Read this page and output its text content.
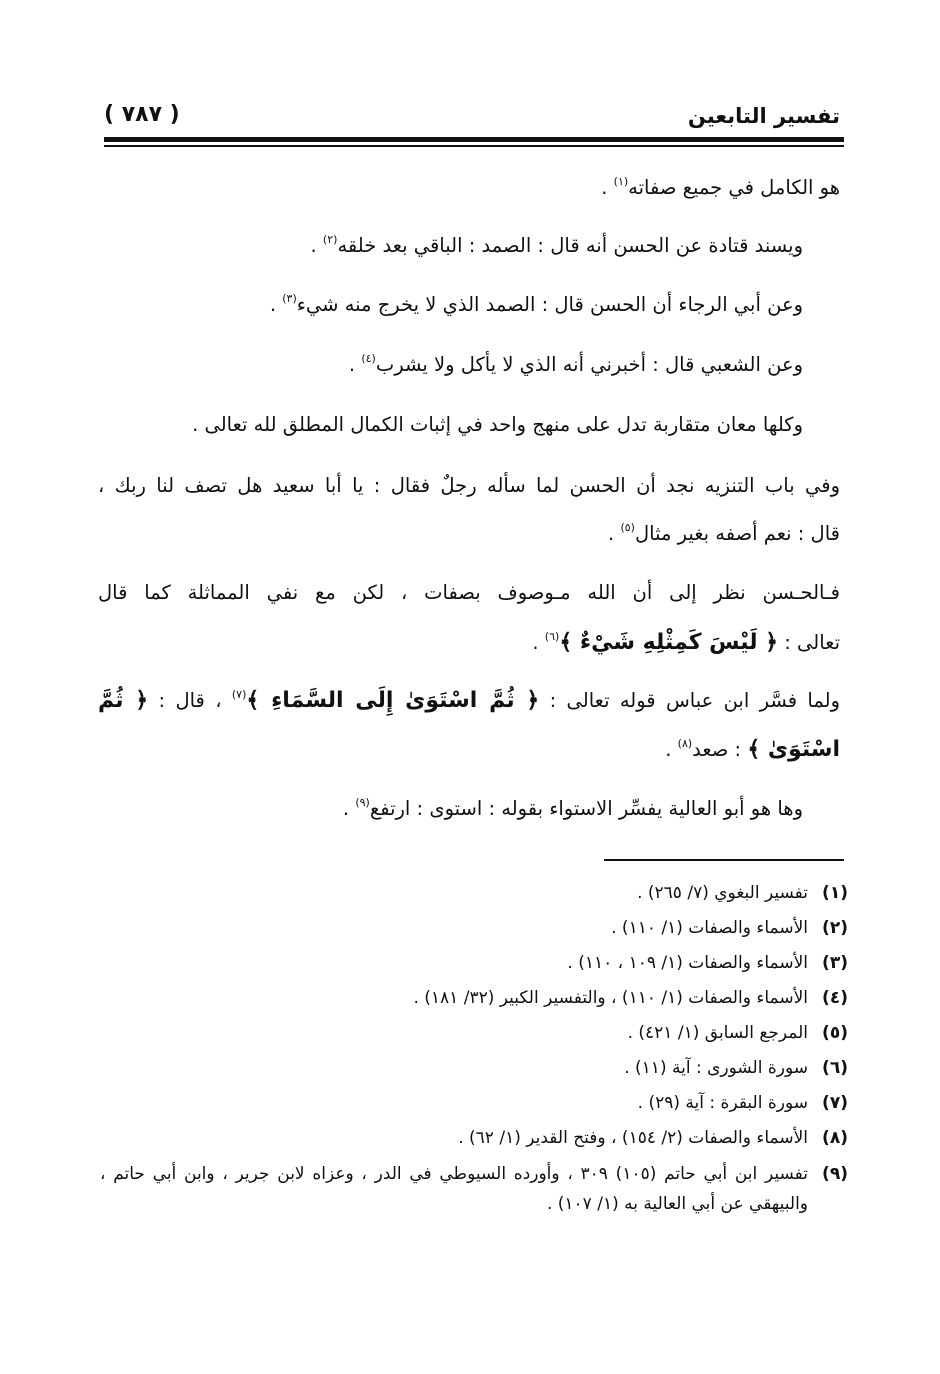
تفسير التابعين
( ٧٨٧ )

هو الكامل في جميع صفاته$^{(١)}$ .

ويسند قتادة عن الحسن أنه قال : الصمد : الباقي بعد خلقه$^{(٢)}$ .

وعن أبي الرجاء أن الحسن قال : الصمد الذي لا يخرج منه شيء$^{(٣)}$ .

وعن الشعبي قال : أخبرني أنه الذي لا يأكل ولا يشرب$^{(٤)}$ .

وكلها معان متقاربة تدل على منهج واحد في إثبات الكمال المطلق لله تعالى .

وفي باب التنزيه نجد أن الحسن لما سأله رجلٌ فقال : يا أبا سعيد هل تصف لنا ربك ،

قال : نعم أصفه بغير مثال$^{(٥)}$ .

فـالحـسن نظر إلى أن الله مـوصوف بصفات ، لكن مع نفي المماثلة كما قال

تعالى : ﴿ لَيْسَ كَمِثْلِهِ شَيْءٌ ﴾$^{(٦)}$ .

ولما فسَّر ابن عباس قوله تعالى : ﴿ ثُمَّ اسْتَوَىٰ إِلَى السَّمَاءِ ﴾$^{(٧)}$ ، قال : ﴿ ثُمَّ

اسْتَوَىٰ ﴾ : صعد$^{(٨)}$ .

وها هو أبو العالية يفسِّر الاستواء بقوله : استوى : ارتفع$^{(٩)}$ .

(١)
تفسير البغوي (٧/ ٢٦٥) .
(٢)
الأسماء والصفات (١/ ١١٠) .
(٣)
الأسماء والصفات (١/ ١٠٩ ، ١١٠) .
(٤)
الأسماء والصفات (١/ ١١٠) ، والتفسير الكبير (٣٢/ ١٨١) .
(٥)
المرجع السابق (١/ ٤٢١) .
(٦)
سورة الشورى : آية (١١) .
(٧)
سورة البقرة : آية (٢٩) .
(٨)
الأسماء والصفات (٢/ ١٥٤) ، وفتح القدير (١/ ٦٢) .
(٩)
تفسير ابن أبي حاتم (١٠٥) ٣٠٩ ، وأورده السيوطي في الدر ، وعزاه لابن جرير ، وابن أبي حاتم ، والبيهقي عن أبي العالية به (١/ ١٠٧) .
